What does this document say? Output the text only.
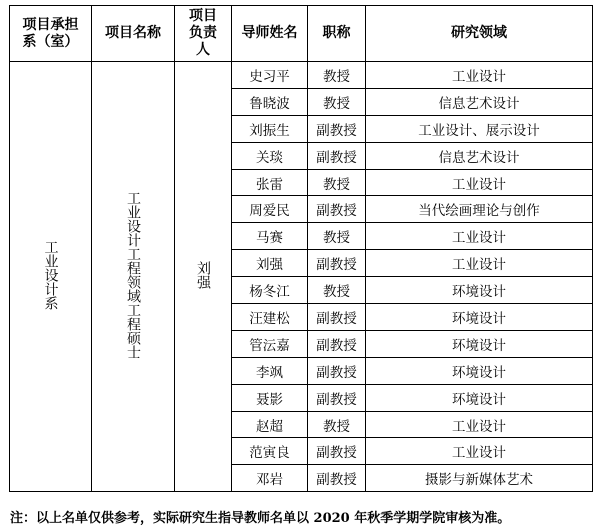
项目承担系（室）	项目名称	项目负责人	导师姓名	职称	研究领域
工业设计系	工业设计工程领域工程硕士	刘强	史习平	教授	工业设计
			鲁晓波	教授	信息艺术设计
			刘振生	副教授	工业设计、展示设计
			关琰	副教授	信息艺术设计
			张雷	教授	工业设计
			周爱民	副教授	当代绘画理论与创作
			马赛	教授	工业设计
			刘强	副教授	工业设计
			杨冬江	教授	环境设计
			汪建松	副教授	环境设计
			管沄嘉	副教授	环境设计
			李飒	副教授	环境设计
			聂影	副教授	环境设计
			赵超	教授	工业设计
			范寅良	副教授	工业设计
			邓岩	副教授	摄影与新媒体艺术
注：以上名单仅供参考，实际研究生指导教师名单以 2020 年秋季学期学院审核为准。
